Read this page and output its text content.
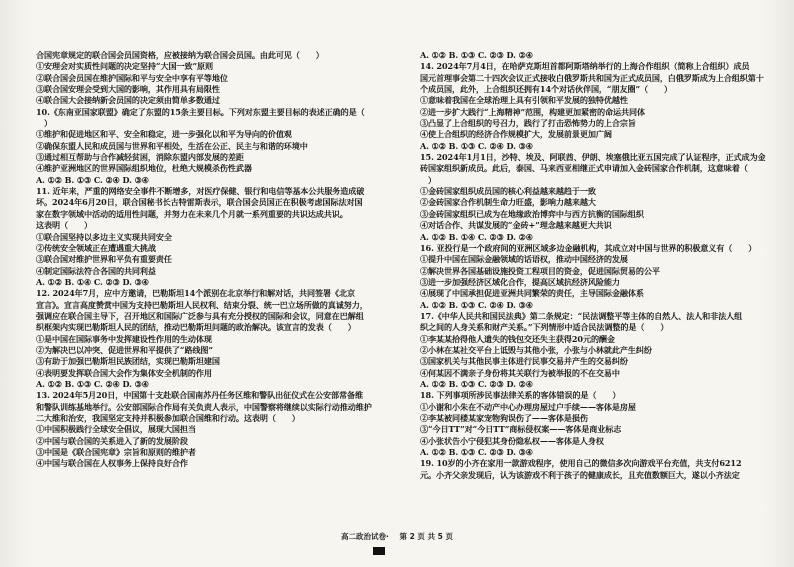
合国宪章规定的联合国会员国资格，应被接纳为联合国会员国。由此可见（　　）
①安理会对实质性问题的决定坚持“大国一致”原则
②联合国会员国在维护国际和平与安全中享有平等地位
③联合国安理会受到大国的影响，其作用具有局限性
④联合国大会接纳新会员国的决定须由简单多数通过
10.《东南亚国家联盟》确定了东盟的15条主要目标。下列对东盟主要目标的表述正确的是（
　）
①维护和促进地区和平、安全和稳定，进一步强化以和平为导向的价值观
②确保东盟人民和成员国与世界和平相处，生活在公正、民主与和谐的环境中
③通过相互帮助与合作减轻贫困，消除东盟内部发展的差距
④维护亚洲地区的世界国际组织地位，杜绝大规模杀伤性武器
A. ①② B. ①③ C. ②④ D. ③④
11. 近年来，严重的网络安全事件不断增多，对医疗保健、银行和电信等基本公共服务造成破
坏。2024年6月20日，联合国秘书长古特雷斯表示，联合国会员国正在积极考虑国际法对国
家在数字领域中活动的适用性问题，并努力在未来几个月就一系列重要的共识达成共识。
这表明（　　）
①联合国坚持以多边主义实现共同安全
②传统安全领域正在遭遇重大挑战
③联合国对维护世界和平负有重要责任
④制定国际法符合各国的共同利益
A. ①② B. ①④ C. ②③ D. ③④
12. 2024年7月，应中方邀请，巴勒斯坦14个派别在北京举行和解对话，共同签署《北京
宣言》。宣言高度赞赏中国为支持巴勒斯坦人民权利、结束分裂、统一巴立场所做的真诚努力，
强调应在联合国主导下，召开地区和国际广泛参与具有充分授权的国际和会议，同意在巴解组
织框架内实现巴勒斯坦人民的团结，推动巴勒斯坦问题的政治解决。该宣言的发表（　　）
①是中国在国际事务中发挥建设性作用的生动体现
②为解决巴以冲突、促进世界和平提供了“路线图”
③有助于加强巴勒斯坦民族团结，实现巴勒斯坦建国
④表明要发挥联合国大会作为集体安全机制的作用
A. ①② B. ①③ C. ②④ D. ③④
13. 2024年5月20日，中国第十支赴联合国南苏丹任务区维和警队出征仪式在公安部常备维
和警队训练基地举行。公安部国际合作局有关负责人表示，中国警察将继续以实际行动推动维护
二大维和治安，我国坚定支持并积极参加联合国维和行动。这表明（　　）
①中国积极践行全球安全倡议，展现大国担当
②中国与联合国的关系进入了新的发展阶段
③中国是《联合国宪章》宗旨和原则的维护者
④中国与联合国在人权事务上保持良好合作
A. ①② B. ①③ C. ②③ D. ②④
14. 2024年7月4日，在哈萨克斯坦首都阿斯塔纳举行的上海合作组织（简称上合组织）成员
国元首理事会第二十四次会议正式接收白俄罗斯共和国为正式成员国，白俄罗斯成为上合组织第十
个成员国，此外，上合组织还拥有14个对话伙伴国，“朋友圈”（　　）
①意味着我国在全球治理上具有引领和平发展的独特优越性
②进一步扩大践行“上海精神”范围，构建更加紧密的命运共同体
③凸显了上合组织的号召力，践行了打击恐怖势力的上合宗旨
④使上合组织的经济合作规模扩大，发展前景更加广阔
A. ①② B. ①③ C. ②④ D. ③④
15. 2024年1月1日，沙特、埃及、阿联酋、伊朗、埃塞俄比亚五国完成了认证程序，正式成为金
砖国家组织新成员。此后，泰国、马来西亚相继正式申请加入金砖国家合作机制，这意味着（
　）
①金砖国家组织成员国的核心利益越来越趋于一致
②金砖国家合作机制生命力旺盛，影响力越来越大
③金砖国家组织已成为在地缘政治博弈中与西方抗衡的国际组织
④对话合作、共谋发展的“金砖+”理念越来越更大共识
A. ①② B. ①④ C. ②③ D. ②④
16. 亚投行是一个政府间的亚洲区域多边金融机构，其成立对中国与世界的积极意义有（　　）
①提升中国在国际金融领域的话语权，推动中国经济的发展
②解决世界各国基础设施投资工程项目的资金，促进国际贸易的公平
③进一步加强经济区域化合作，提高区域抗经济风险能力
④展现了中国承担促进亚洲共同繁荣的责任，主导国际金融体系
A. ①② B. ①③ C. ②④ D. ③④
17.《中华人民共和国民法典》第二条规定：“民法调整平等主体的自然人、法人和非法人组
织之间的人身关系和财产关系。”下列情形中适合民法调整的是（　　）
①李某某拾得他人遗失的钱包交还失主获得20元的酬金
②小林在某社交平台上诋毁与其他小张，小张与小林就此产生纠纷
③国家机关与其他民事主体进行民事交易并产生的交易纠纷
④何某因不满亲子身份将其关联行为被举报的不在交易中
A. ①② B. ①③ C. ②③ D. ②④
18. 下列事项所涉民事法律关系的客体错误的是（　　）
①小谢和小朱在不动产中心办理房屋过户手续——客体是房屋
②李某被同楼某家宠物狗误伤了——客体是损伤
③“今日TT”对“今日TT”商标侵权案——客体是商业标志
④小张状告小宁侵犯其身份隐私权——客体是人身权
A. ①② B. ①③ C. ②③ D. ③④
19. 10岁的小齐在家用一款游戏程序，使用自己的微信多次向游戏平台充值，共支付6212
元。小齐父亲发现后，认为该游戏不利于孩子的健康成长，且充值数额巨大，遂以小齐法定
高二政治试卷· 第 2 页 共 5 页
